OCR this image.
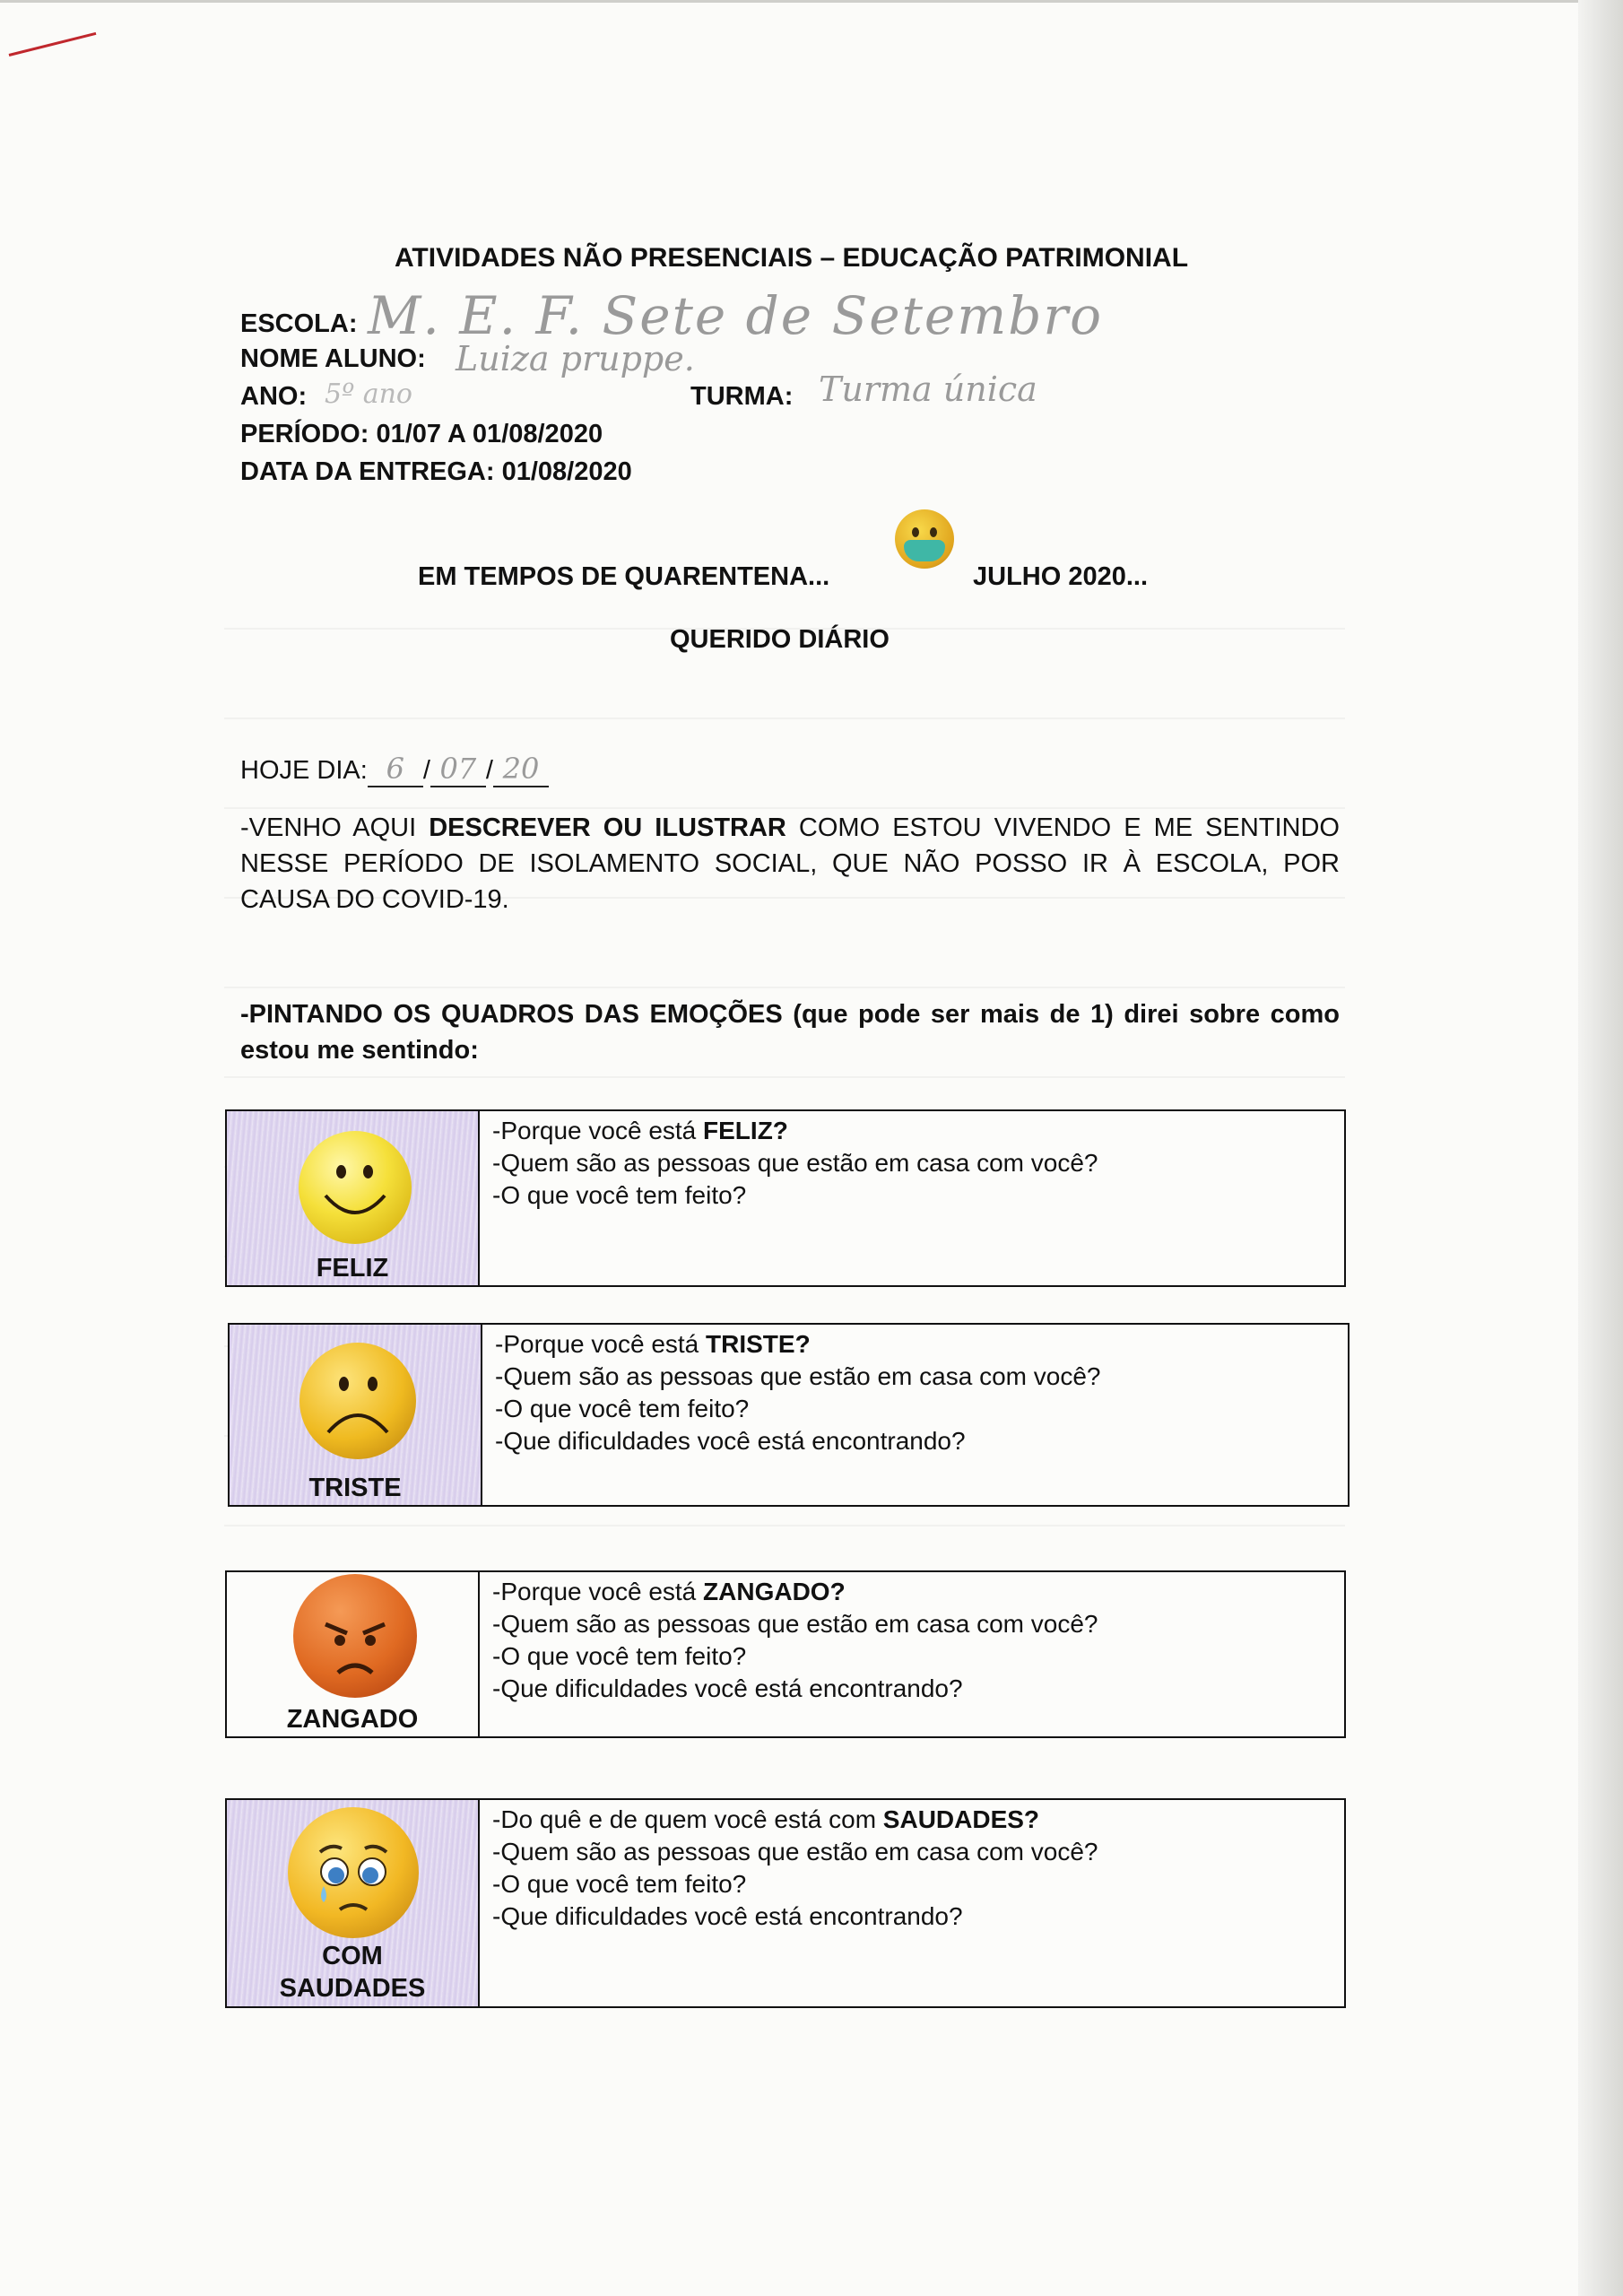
ATIVIDADES NÃO PRESENCIAIS – EDUCAÇÃO PATRIMONIAL
ESCOLA: M. E. F. Sete de Setembro
NOME ALUNO: Luiza pruppe.
ANO: 5º ano	TURMA: Turma única
PERÍODO: 01/07 A 01/08/2020
DATA DA ENTREGA: 01/08/2020
EM TEMPOS DE QUARENTENA...	JULHO 2020...
QUERIDO DIÁRIO
HOJE DIA: 6 / 07 / 20
-VENHO AQUI DESCREVER OU ILUSTRAR COMO ESTOU VIVENDO E ME SENTINDO NESSE PERÍODO DE ISOLAMENTO SOCIAL, QUE NÃO POSSO IR À ESCOLA, POR CAUSA DO COVID-19.
-PINTANDO OS QUADROS DAS EMOÇÕES (que pode ser mais de 1) direi sobre como estou me sentindo:
FELIZ
-Porque você está FELIZ?
-Quem são as pessoas que estão em casa com você?
-O que você tem feito?
TRISTE
-Porque você está TRISTE?
-Quem são as pessoas que estão em casa com você?
-O que você tem feito?
-Que dificuldades você está encontrando?
ZANGADO
-Porque você está ZANGADO?
-Quem são as pessoas que estão em casa com você?
-O que você tem feito?
-Que dificuldades você está encontrando?
COM
SAUDADES
-Do quê e de quem você está com SAUDADES?
-Quem são as pessoas que estão em casa com você?
-O que você tem feito?
-Que dificuldades você está encontrando?
